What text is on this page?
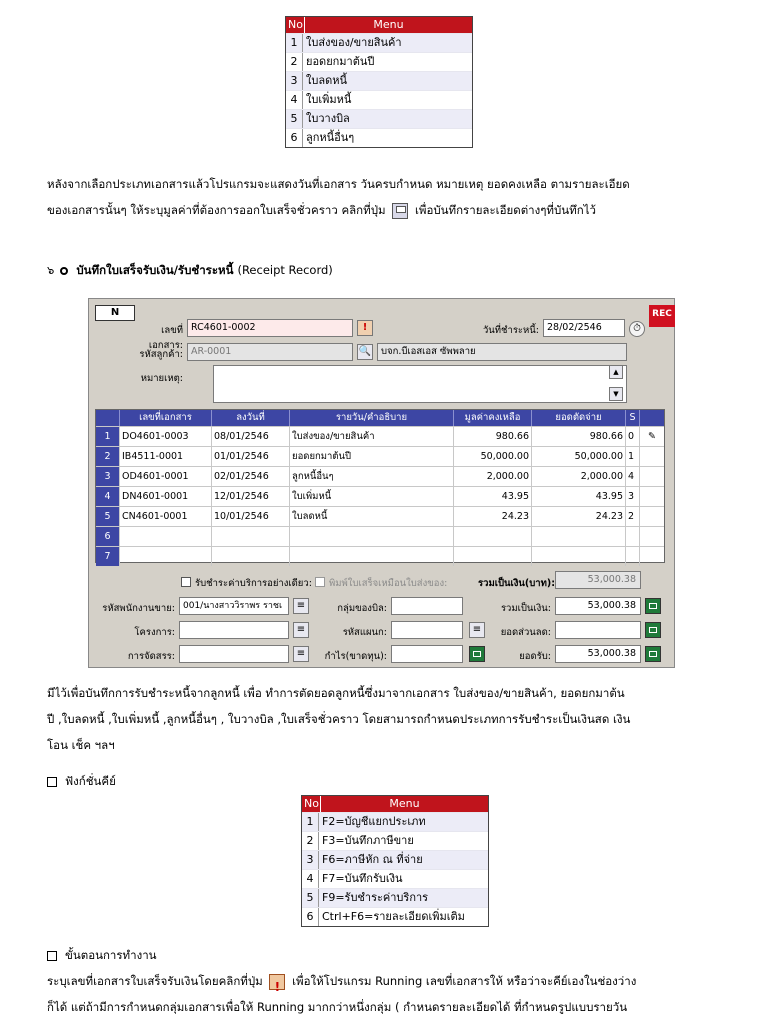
No	Menu
1 ใบส่งของ/ขายสินค้า
2 ยอดยกมาต้นปี
3 ใบลดหนี้
4 ใบเพิ่มหนี้
5 ใบวางบิล
6 ลูกหนี้อื่นๆ

หลังจากเลือกประเภทเอกสารแล้วโปรแกรมจะแสดงวันที่เอกสาร วันครบกำหนด หมายเหตุ ยอดคงเหลือ ตามรายละเอียด
ของเอกสารนั้นๆ ให้ระบุมูลค่าที่ต้องการออกใบเสร็จชั่วคราว คลิกที่ปุ่ม	เพื่อบันทึกรายละเอียดต่างๆที่บันทึกไว้

๖ บันทึกใบเสร็จรับเงิน/รับชำระหนี้ (Receipt Record)
N	REC
เลขที่เอกสาร:
RC4601-0002	!	วันที่ชำระหนี้: 28/02/2546	⏱
รหัสลูกค้า: AR-0001	🔍	บจก.บีเอสเอส ซัพพลาย
หมายเหตุ:
▲
▼
เลขที่เอกสาร	ลงวันที่	รายวัน/คำอธิบาย	มูลค่าคงเหลือ	ยอดตัดจ่าย	S
1	DO4601-0003	08/01/2546	ใบส่งของ/ขายสินค้า	980.66	980.66 0	✎
2	IB4511-0001	01/01/2546	ยอดยกมาต้นปี	50,000.00	50,000.00 1
3	OD4601-0001	02/01/2546	ลูกหนี้อื่นๆ	2,000.00	2,000.00 4
4	DN4601-0001	12/01/2546	ใบเพิ่มหนี้	43.95	43.95 3
5	CN4601-0001	10/01/2546	ใบลดหนี้	24.23	24.23 2
6
7
รับชำระค่าบริการอย่างเดียว: พิมพ์ใบเสร็จเหมือนใบส่งของ:	รวมเป็นเงิน(บาท):	53,000.38
รหัสพนักงานขาย: 001/นางสาววิราพร ราชเ	≡	กลุ่มของบิล:	รวมเป็นเงิน:	53,000.38
โครงการ:	≡	รหัสแผนก:	≡	ยอดส่วนลด:
การจัดสรร:	≡	กำไร(ขาดทุน):	ยอดรับ:	53,000.38

มีไว้เพื่อบันทึกการรับชำระหนี้จากลูกหนี้ เพื่อ ทำการตัดยอดลูกหนี้ซึ่งมาจากเอกสาร ใบส่งของ/ขายสินค้า, ยอดยกมาต้น
ปี ,ใบลดหนี้ ,ใบเพิ่มหนี้ ,ลูกหนี้อื่นๆ , ใบวางบิล ,ใบเสร็จชั่วคราว โดยสามารถกำหนดประเภทการรับชำระเป็นเงินสด เงิน
โอน เช็ค ฯลฯ

ฟังก์ชั่นคีย์

No	Menu
1 F2=บัญชีแยกประเภท
2 F3=บันทึกภาษีขาย
3 F6=ภาษีหัก ณ ที่จ่าย
4 F7=บันทึกรับเงิน
5 F9=รับชำระค่าบริการ
6 Ctrl+F6=รายละเอียดเพิ่มเติม

ขั้นตอนการทำงาน

ระบุเลขที่เอกสารใบเสร็จรับเงินโดยคลิกที่ปุ่ม !	เพื่อให้โปรแกรม Running เลขที่เอกสารให้ หรือว่าจะคีย์เองในช่องว่าง
ก็ได้ แต่ถ้ามีการกำหนดกลุ่มเอกสารเพื่อให้ Running มากกว่าหนึ่งกลุ่ม ( กำหนดรายละเอียดได้ ที่กำหนดรูปแบบรายวัน
